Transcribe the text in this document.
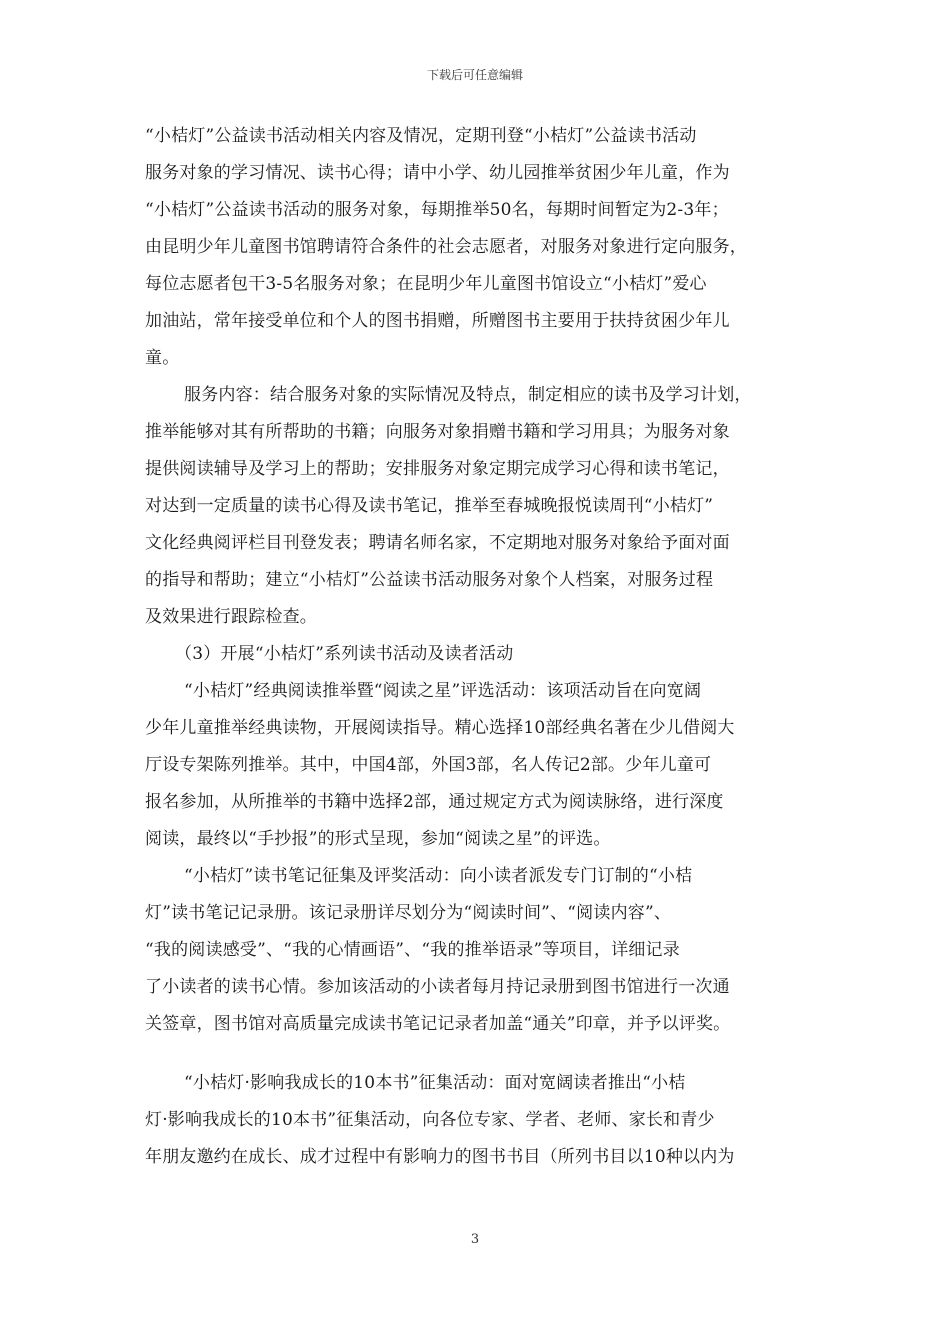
下载后可任意编辑
“小桔灯”公益读书活动相关内容及情况，定期刊登“小桔灯”公益读书活动
服务对象的学习情况、读书心得；请中小学、幼儿园推举贫困少年儿童，作为
“小桔灯”公益读书活动的服务对象，每期推举50名，每期时间暂定为2-3年；
由昆明少年儿童图书馆聘请符合条件的社会志愿者，对服务对象进行定向服务，
每位志愿者包干3-5名服务对象；在昆明少年儿童图书馆设立“小桔灯”爱心
加油站，常年接受单位和个人的图书捐赠，所赠图书主要用于扶持贫困少年儿
童。
服务内容：结合服务对象的实际情况及特点，制定相应的读书及学习计划，
推举能够对其有所帮助的书籍；向服务对象捐赠书籍和学习用具；为服务对象
提供阅读辅导及学习上的帮助；安排服务对象定期完成学习心得和读书笔记，
对达到一定质量的读书心得及读书笔记，推举至春城晚报悦读周刊“小桔灯”
文化经典阅评栏目刊登发表；聘请名师名家，不定期地对服务对象给予面对面
的指导和帮助；建立“小桔灯”公益读书活动服务对象个人档案，对服务过程
及效果进行跟踪检查。
（3）开展“小桔灯”系列读书活动及读者活动
“小桔灯”经典阅读推举暨“阅读之星”评选活动：该项活动旨在向宽阔
少年儿童推举经典读物，开展阅读指导。精心选择10部经典名著在少儿借阅大
厅设专架陈列推举。其中，中国4部，外国3部，名人传记2部。少年儿童可
报名参加，从所推举的书籍中选择2部，通过规定方式为阅读脉络，进行深度
阅读，最终以“手抄报”的形式呈现，参加“阅读之星”的评选。
“小桔灯”读书笔记征集及评奖活动：向小读者派发专门订制的“小桔
灯”读书笔记记录册。该记录册详尽划分为“阅读时间”、“阅读内容”、
“我的阅读感受”、“我的心情画语”、“我的推举语录”等项目，详细记录
了小读者的读书心情。参加该活动的小读者每月持记录册到图书馆进行一次通
关签章，图书馆对高质量完成读书笔记记录者加盖“通关”印章，并予以评奖。
“小桔灯·影响我成长的10本书”征集活动：面对宽阔读者推出“小桔
灯·影响我成长的10本书”征集活动，向各位专家、学者、老师、家长和青少
年朋友邀约在成长、成才过程中有影响力的图书书目（所列书目以10种以内为
3
